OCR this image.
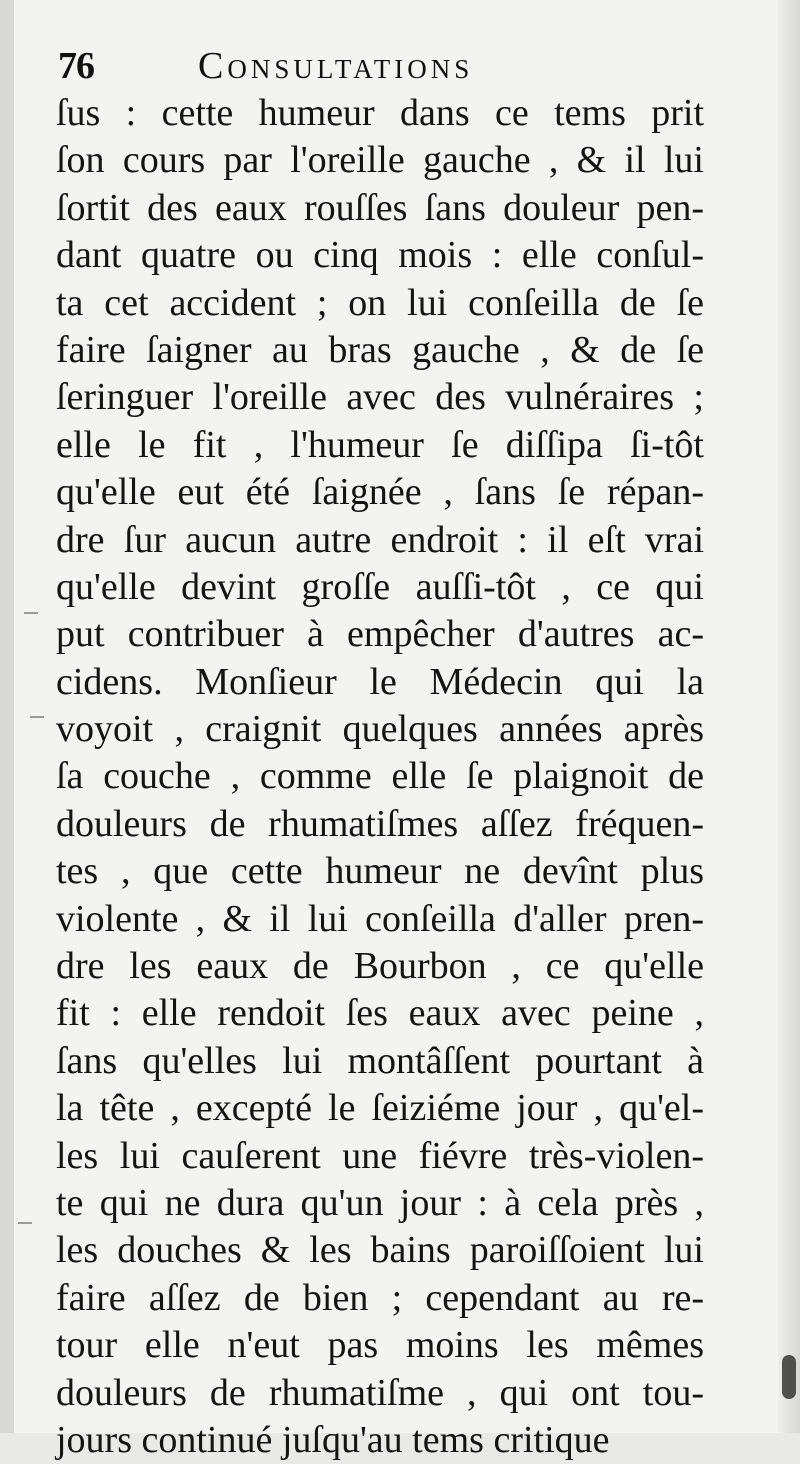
76	Consultations
ſus : cette humeur dans ce tems prit
ſon cours par l'oreille gauche , & il lui
ſortit des eaux rouſſes ſans douleur pen-
dant quatre ou cinq mois : elle conſul-
ta cet accident ; on lui conſeilla de ſe
faire ſaigner au bras gauche , & de ſe
ſeringuer l'oreille avec des vulnéraires ;
elle le fit , l'humeur ſe diſſipa ſi-tôt
qu'elle eut été ſaignée , ſans ſe répan-
dre ſur aucun autre endroit : il eſt vrai
qu'elle devint groſſe auſſi-tôt , ce qui
put contribuer à empêcher d'autres ac-
cidens. Monſieur le Médecin qui la
voyoit , craignit quelques années après
ſa couche , comme elle ſe plaignoit de
douleurs de rhumatiſmes aſſez fréquen-
tes , que cette humeur ne devînt plus
violente , & il lui conſeilla d'aller pren-
dre les eaux de Bourbon , ce qu'elle
fit : elle rendoit ſes eaux avec peine ,
ſans qu'elles lui montâſſent pourtant à
la tête , excepté le ſeiziéme jour , qu'el-
les lui cauſerent une fiévre très-violen-
te qui ne dura qu'un jour : à cela près ,
les douches & les bains paroiſſoient lui
faire aſſez de bien ; cependant au re-
tour elle n'eut pas moins les mêmes
douleurs de rhumatiſme , qui ont tou-
jours continué juſqu'au tems critique
